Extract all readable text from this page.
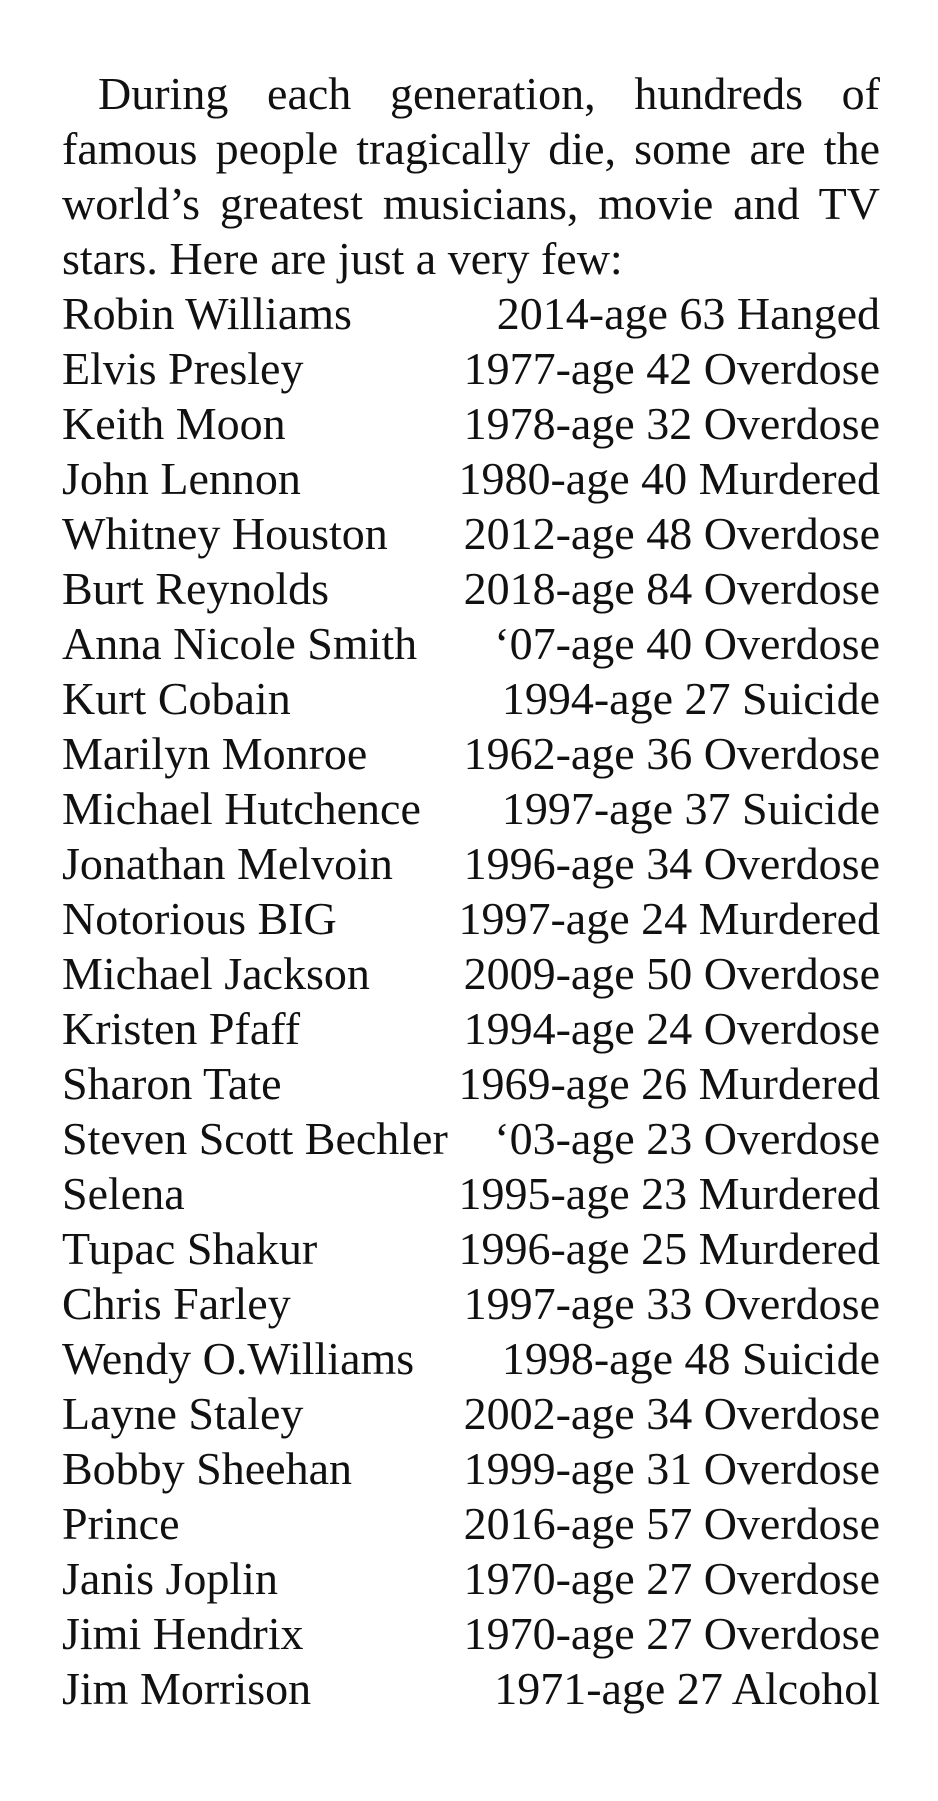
During each generation, hundreds of famous people tragically die, some are the world’s greatest musicians, movie and TV stars. Here are just a very few:

Robin Williams	2014-age 63 Hanged
Elvis Presley	1977-age 42 Overdose
Keith Moon	1978-age 32 Overdose
John Lennon	1980-age 40 Murdered
Whitney Houston 2012-age 48 Overdose
Burt Reynolds	2018-age 84 Overdose
Anna Nicole Smith ‘07-age 40 Overdose
Kurt Cobain	1994-age 27 Suicide
Marilyn Monroe 1962-age 36 Overdose
Michael Hutchence 1997-age 37 Suicide
Jonathan Melvoin 1996-age 34 Overdose
Notorious BIG	1997-age 24 Murdered
Michael Jackson 2009-age 50 Overdose
Kristen Pfaff	1994-age 24 Overdose
Sharon Tate	1969-age 26 Murdered
Steven Scott Bechler ‘03-age 23 Overdose
Selena	1995-age 23 Murdered
Tupac Shakur	1996-age 25 Murdered
Chris Farley	1997-age 33 Overdose
Wendy O.Williams 1998-age 48 Suicide
Layne Staley	2002-age 34 Overdose
Bobby Sheehan 1999-age 31 Overdose
Prince	2016-age 57 Overdose
Janis Joplin	1970-age 27 Overdose
Jimi Hendrix	1970-age 27 Overdose
Jim Morrison	1971-age 27 Alcohol
